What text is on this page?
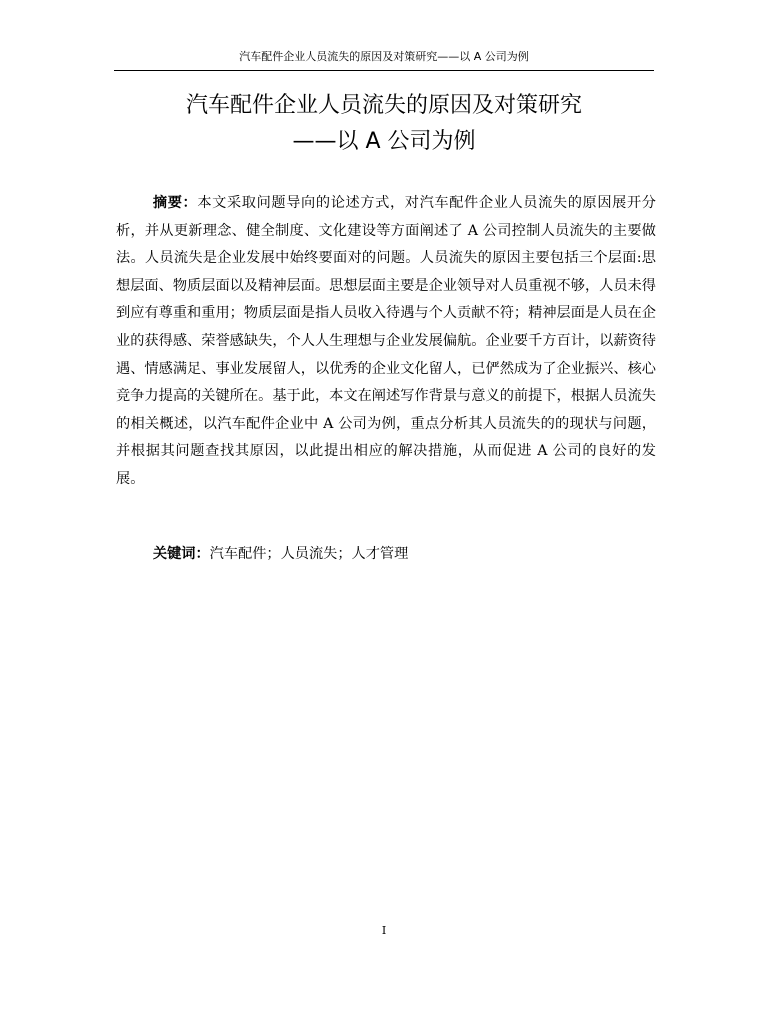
汽车配件企业人员流失的原因及对策研究——以 A 公司为例
汽车配件企业人员流失的原因及对策研究
——以 A 公司为例

摘要：本文采取问题导向的论述方式，对汽车配件企业人员流失的原因展开分析，并从更新理念、健全制度、文化建设等方面阐述了 A 公司控制人员流失的主要做法。人员流失是企业发展中始终要面对的问题。人员流失的原因主要包括三个层面:思想层面、物质层面以及精神层面。思想层面主要是企业领导对人员重视不够，人员未得到应有尊重和重用；物质层面是指人员收入待遇与个人贡献不符；精神层面是人员在企业的获得感、荣誉感缺失，个人人生理想与企业发展偏航。企业要千方百计，以薪资待遇、情感满足、事业发展留人，以优秀的企业文化留人，已俨然成为了企业振兴、核心竞争力提高的关键所在。基于此，本文在阐述写作背景与意义的前提下，根据人员流失的相关概述，以汽车配件企业中 A 公司为例，重点分析其人员流失的的现状与问题，并根据其问题查找其原因，以此提出相应的解决措施，从而促进 A 公司的良好的发展。

关键词：汽车配件；人员流失；人才管理

I
